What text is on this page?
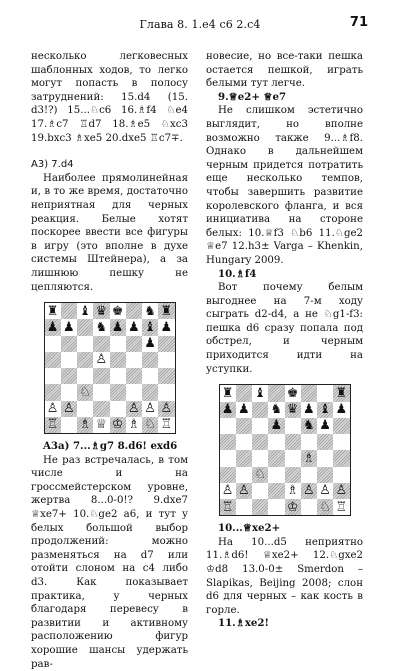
Глава 8. 1.e4 c6 2.c4	71

несколько легковесных шаблонных ходов, то легко могут попасть в полосу затруднений: 15.d4 (15. d3!?) 15...♘c6 16.♗f4 ♘e4 17.♗c7 ♖d7 18.♗e5 ♘xc3 19.bxc3 ♗xe5 20.dxe5 ♖c7∓.

A3) 7.d4

Наиболее прямолинейная и, в то же время, достаточно неприятная для черных реакция. Белые хотят поскорее ввести все фигуры в игру (это вполне в духе системы Штейнера), а за лишнюю пешку не цепляются.

♜ ♝ ♛ ♚ ♞ ♜
♟ ♟ ♞ ♟ ♟ ♝ ♟
♟
♙
♘
♙ ♙	♙ ♙ ♙
♖ ♗ ♕ ♔ ♗ ♘ ♖

A3a) 7...♗g7 8.d6! exd6

Не раз встречалась, в том числе и на гроссмейстерском уровне, жертва 8...0-0!? 9.dxe7 ♕xe7+ 10.♘ge2 a6, и тут у белых большой выбор продолжений: можно разменяться на d7 или отойти слоном на c4 либо d3. Как показывает практика, у черных благодаря перевесу в развитии и активному расположению фигур хорошие шансы удержать рав-

новесие, но все-таки пешка остается пешкой, играть белыми тут легче.

9.♕e2+ ♕e7

Не слишком эстетично выглядит, но вполне возможно также 9...♗f8. Однако в дальнейшем черным придется потратить еще несколько темпов, чтобы завершить развитие королевского фланга, и вся инициатива на стороне белых: 10.♕f3 ♘b6 11.♘ge2 ♕e7 12.h3± Varga – Khenkin, Hungary 2009.

10.♗f4

Вот почему белым выгоднее на 7-м ходу сыграть d2-d4, а не ♘g1-f3: пешка d6 сразу попала под обстрел, и черным приходится идти на уступки.

♜ ♝ ♚	♜
♟ ♟ ♞ ♛ ♟ ♝ ♟
♟ ♞ ♟
♗
♘
♙ ♙	♗ ♙ ♙ ♙
♖	♔ ♘ ♖

10...♕xe2+

На 10...d5 неприятно 11.♗d6! ♕xe2+ 12.♘gxe2 ♔d8 13.0-0± Smerdon – Slapikas, Beijing 2008; слон d6 для черных – как кость в горле.

11.♗xe2!
